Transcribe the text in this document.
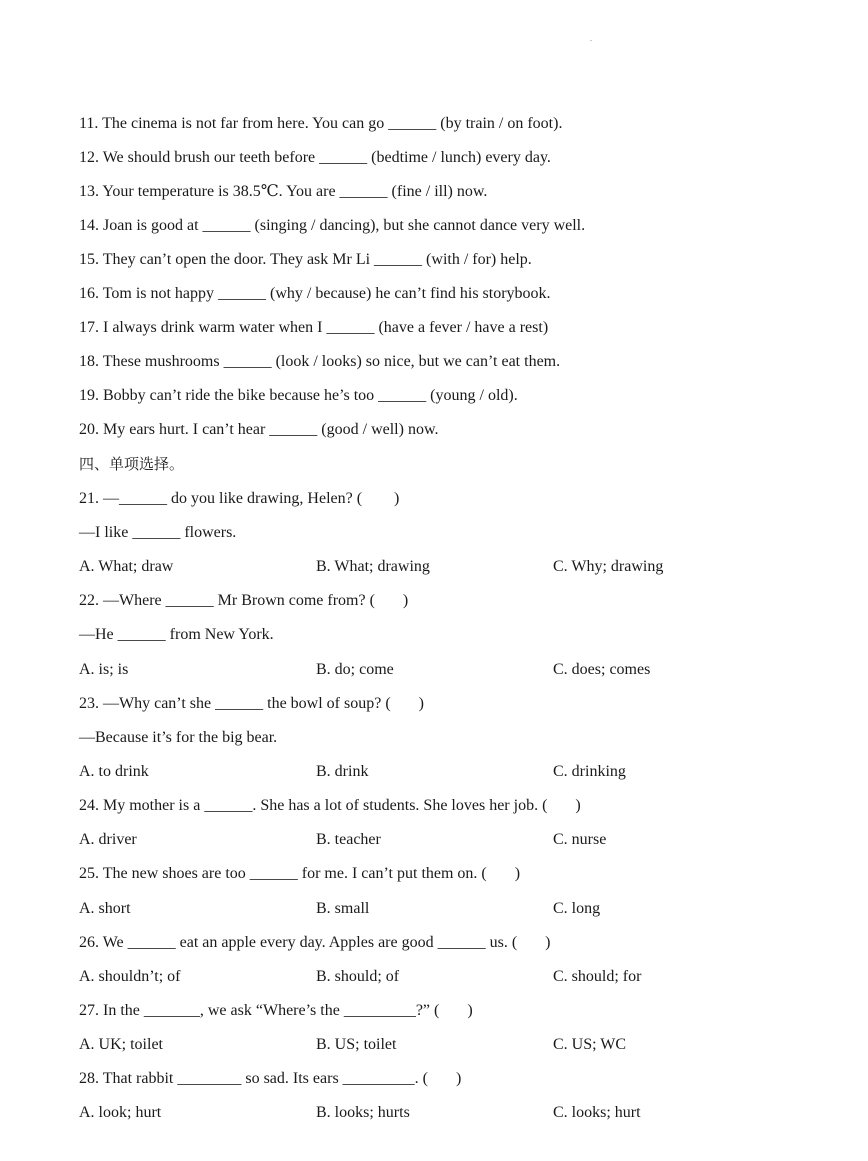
.
11. The cinema is not far from here. You can go ______ (by train / on foot).
12. We should brush our teeth before ______ (bedtime / lunch) every day.
13. Your temperature is 38.5℃. You are ______ (fine / ill) now.
14. Joan is good at ______ (singing / dancing), but she cannot dance very well.
15. They can’t open the door. They ask Mr Li ______ (with / for) help.
16. Tom is not happy ______ (why / because) he can’t find his storybook.
17. I always drink warm water when I ______ (have a fever / have a rest)
18. These mushrooms ______ (look / looks) so nice, but we can’t eat them.
19. Bobby can’t ride the bike because he’s too ______ (young / old).
20. My ears hurt. I can’t hear ______ (good / well) now.
四、单项选择。
21. —______ do you like drawing, Helen? (        )
—I like ______ flowers.
A. What; draw	B. What; drawing	C. Why; drawing
22. —Where ______ Mr Brown come from? (       )
—He ______ from New York.
A. is; is	B. do; come	C. does; comes
23. —Why can’t she ______ the bowl of soup? (       )
—Because it’s for the big bear.
A. to drink	B. drink	C. drinking
24. My mother is a ______. She has a lot of students. She loves her job. (       )
A. driver	B. teacher	C. nurse
25. The new shoes are too ______ for me. I can’t put them on. (       )
A. short	B. small	C. long
26. We ______ eat an apple every day. Apples are good ______ us. (       )
A. shouldn’t; of	B. should; of	C. should; for
27. In the _______, we ask “Where’s the _________?” (       )
A. UK; toilet	B. US; toilet	C. US; WC
28. That rabbit ________ so sad. Its ears _________. (       )
A. look; hurt	B. looks; hurts	C. looks; hurt
